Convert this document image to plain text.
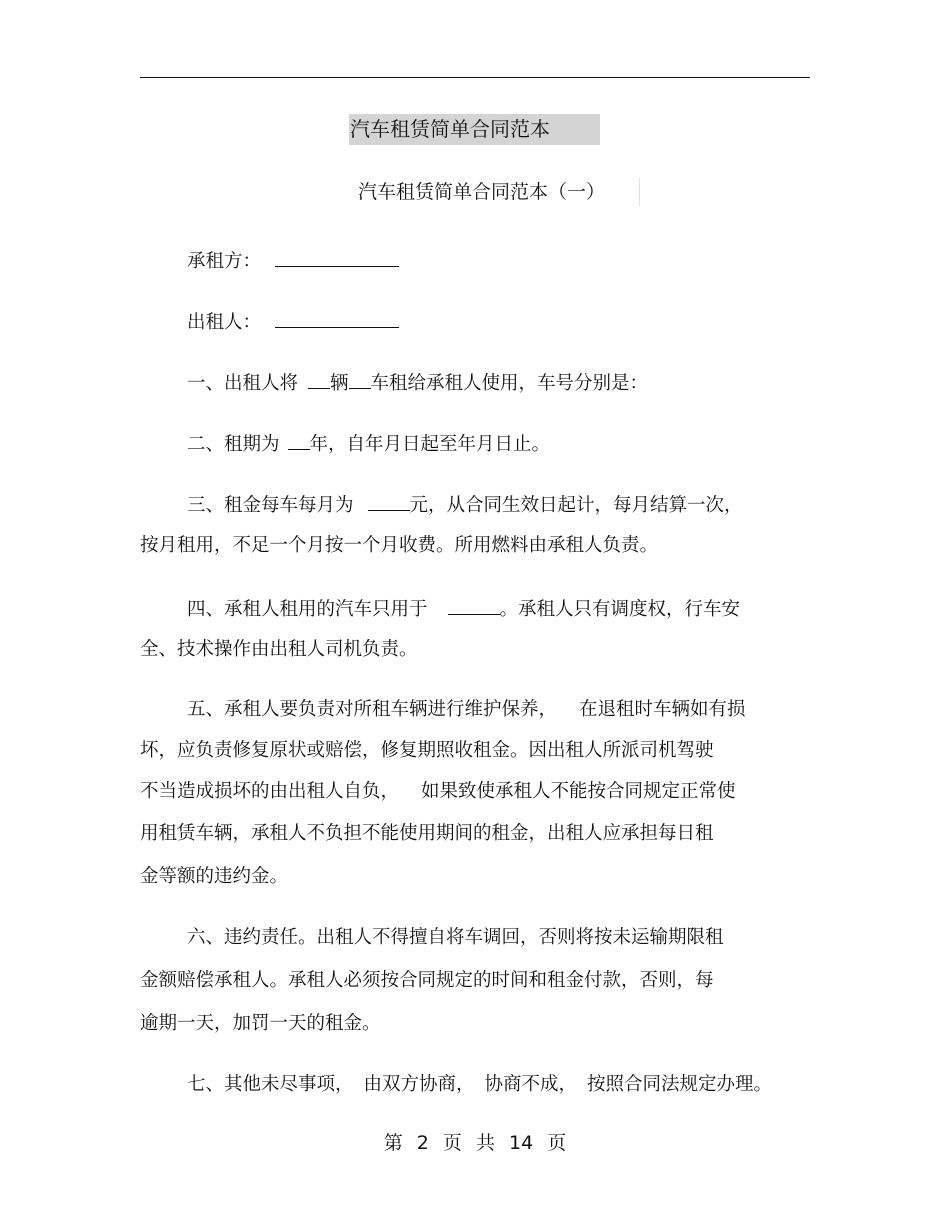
汽车租赁简单合同范本
汽车租赁简单合同范本（一）
承租方：
出租人：
一、出租人将 辆 车租给承租人使用，车号分别是：
二、租期为 年，自年月日起至年月日止。
三、租金每车每月为	元，从合同生效日起计，每月结算一次，
按月租用，不足一个月按一个月收费。所用燃料由承租人负责。
四、承租人租用的汽车只用于	。承租人只有调度权，行车安
全、技术操作由出租人司机负责。
五、承租人要负责对所租车辆进行维护保养， 在退租时车辆如有损
坏，应负责修复原状或赔偿，修复期照收租金。因出租人所派司机驾驶
不当造成损坏的由出租人自负， 如果致使承租人不能按合同规定正常使
用租赁车辆，承租人不负担不能使用期间的租金，出租人应承担每日租
金等额的违约金。
六、违约责任。出租人不得擅自将车调回，否则将按未运输期限租
金额赔偿承租人。承租人必须按合同规定的时间和租金付款，否则，每
逾期一天，加罚一天的租金。
七、其他未尽事项， 由双方协商， 协商不成， 按照合同法规定办理。
第 2 页 共 14 页
